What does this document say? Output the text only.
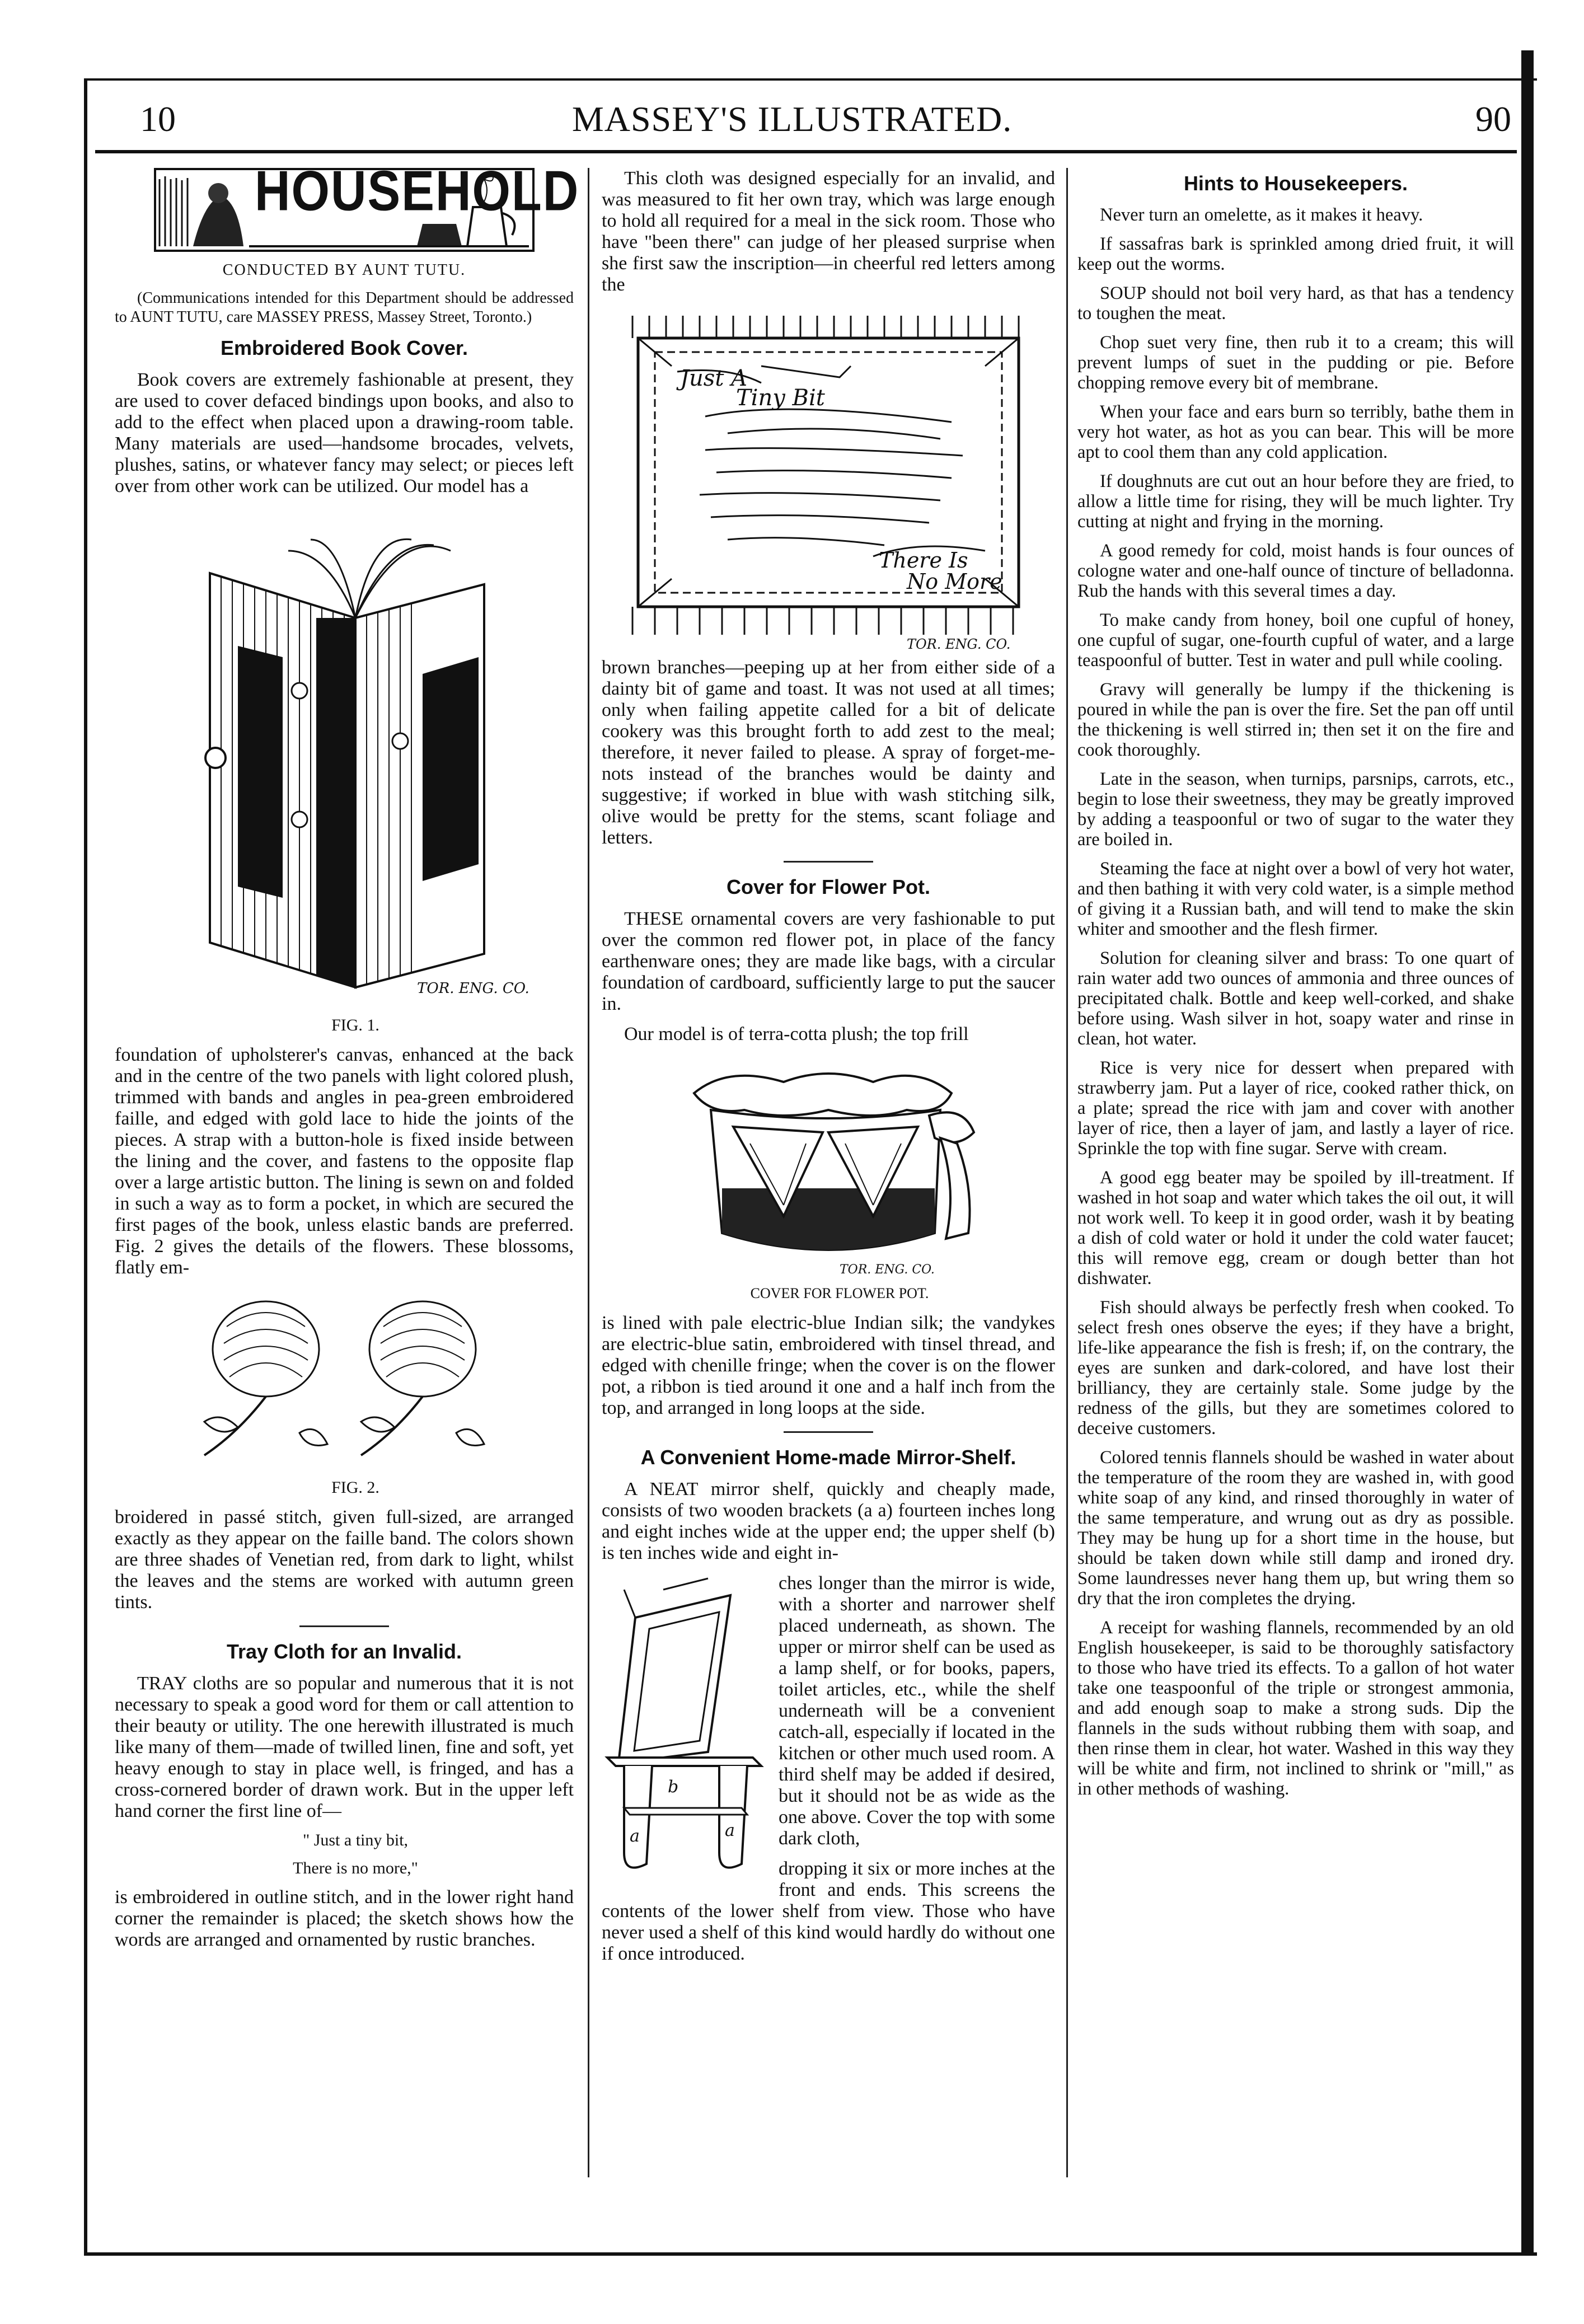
10	MASSEY'S ILLUSTRATED.	90
HOUSEHOLD

CONDUCTED BY AUNT TUTU.

(Communications intended for this Department should be addressed to AUNT TUTU, care MASSEY PRESS, Massey Street, Toronto.)

Embroidered Book Cover.

Book covers are extremely fashionable at present, they are used to cover defaced bindings upon books, and also to add to the effect when placed upon a drawing-room table. Many materials are used—handsome brocades, velvets, plushes, satins, or whatever fancy may select; or pieces left over from other work can be utilized. Our model has a

TOR. ENG. CO.

FIG. 1.

foundation of upholsterer's canvas, enhanced at the back and in the centre of the two panels with light colored plush, trimmed with bands and angles in pea-green embroidered faille, and edged with gold lace to hide the joints of the pieces. A strap with a button-hole is fixed inside between the lining and the cover, and fastens to the opposite flap over a large artistic button. The lining is sewn on and folded in such a way as to form a pocket, in which are secured the first pages of the book, unless elastic bands are preferred. Fig. 2 gives the details of the flowers. These blossoms, flatly em-

FIG. 2.

broidered in passé stitch, given full-sized, are arranged exactly as they appear on the faille band. The colors shown are three shades of Venetian red, from dark to light, whilst the leaves and the stems are worked with autumn green tints.

Tray Cloth for an Invalid.

TRAY cloths are so popular and numerous that it is not necessary to speak a good word for them or call attention to their beauty or utility. The one herewith illustrated is much like many of them—made of twilled linen, fine and soft, yet heavy enough to stay in place well, is fringed, and has a cross-cornered border of drawn work. But in the upper left hand corner the first line of—

" Just a tiny bit,

There is no more,"

is embroidered in outline stitch, and in the lower right hand corner the remainder is placed; the sketch shows how the words are arranged and ornamented by rustic branches.

This cloth was designed especially for an invalid, and was measured to fit her own tray, which was large enough to hold all required for a meal in the sick room. Those who have "been there" can judge of her pleased surprise when she first saw the inscription—in cheerful red letters among the

Just A
Tiny Bit
There Is
No More
TOR. ENG. CO.

brown branches—peeping up at her from either side of a dainty bit of game and toast. It was not used at all times; only when failing appetite called for a bit of delicate cookery was this brought forth to add zest to the meal; therefore, it never failed to please. A spray of forget-me-nots instead of the branches would be dainty and suggestive; if worked in blue with wash stitching silk, olive would be pretty for the stems, scant foliage and letters.

Cover for Flower Pot.

THESE ornamental covers are very fashionable to put over the common red flower pot, in place of the fancy earthenware ones; they are made like bags, with a circular foundation of cardboard, sufficiently large to put the saucer in.

Our model is of terra-cotta plush; the top frill

TOR. ENG. CO.

COVER FOR FLOWER POT.

is lined with pale electric-blue Indian silk; the vandykes are electric-blue satin, embroidered with tinsel thread, and edged with chenille fringe; when the cover is on the flower pot, a ribbon is tied around it one and a half inch from the top, and arranged in long loops at the side.

A Convenient Home-made Mirror-Shelf.

A NEAT mirror shelf, quickly and cheaply made, consists of two wooden brackets (a a) fourteen inches long and eight inches wide at the upper end; the upper shelf (b) is ten inches wide and eight in-

b
a	a

ches longer than the mirror is wide, with a shorter and narrower shelf placed underneath, as shown. The upper or mirror shelf can be used as a lamp shelf, or for books, papers, toilet articles, etc., while the shelf underneath will be a convenient catch-all, especially if located in the kitchen or other much used room. A third shelf may be added if desired, but it should not be as wide as the one above. Cover the top with some dark cloth,

dropping it six or more inches at the front and ends. This screens the contents of the lower shelf from view. Those who have never used a shelf of this kind would hardly do without one if once introduced.

Hints to Housekeepers.

Never turn an omelette, as it makes it heavy.

If sassafras bark is sprinkled among dried fruit, it will keep out the worms.

SOUP should not boil very hard, as that has a tendency to toughen the meat.

Chop suet very fine, then rub it to a cream; this will prevent lumps of suet in the pudding or pie. Before chopping remove every bit of membrane.

When your face and ears burn so terribly, bathe them in very hot water, as hot as you can bear. This will be more apt to cool them than any cold application.

If doughnuts are cut out an hour before they are fried, to allow a little time for rising, they will be much lighter. Try cutting at night and frying in the morning.

A good remedy for cold, moist hands is four ounces of cologne water and one-half ounce of tincture of belladonna. Rub the hands with this several times a day.

To make candy from honey, boil one cupful of honey, one cupful of sugar, one-fourth cupful of water, and a large teaspoonful of butter. Test in water and pull while cooling.

Gravy will generally be lumpy if the thickening is poured in while the pan is over the fire. Set the pan off until the thickening is well stirred in; then set it on the fire and cook thoroughly.

Late in the season, when turnips, parsnips, carrots, etc., begin to lose their sweetness, they may be greatly improved by adding a teaspoonful or two of sugar to the water they are boiled in.

Steaming the face at night over a bowl of very hot water, and then bathing it with very cold water, is a simple method of giving it a Russian bath, and will tend to make the skin whiter and smoother and the flesh firmer.

Solution for cleaning silver and brass: To one quart of rain water add two ounces of ammonia and three ounces of precipitated chalk. Bottle and keep well-corked, and shake before using. Wash silver in hot, soapy water and rinse in clean, hot water.

Rice is very nice for dessert when prepared with strawberry jam. Put a layer of rice, cooked rather thick, on a plate; spread the rice with jam and cover with another layer of rice, then a layer of jam, and lastly a layer of rice. Sprinkle the top with fine sugar. Serve with cream.

A good egg beater may be spoiled by ill-treatment. If washed in hot soap and water which takes the oil out, it will not work well. To keep it in good order, wash it by beating a dish of cold water or hold it under the cold water faucet; this will remove egg, cream or dough better than hot dishwater.

Fish should always be perfectly fresh when cooked. To select fresh ones observe the eyes; if they have a bright, life-like appearance the fish is fresh; if, on the contrary, the eyes are sunken and dark-colored, and have lost their brilliancy, they are certainly stale. Some judge by the redness of the gills, but they are sometimes colored to deceive customers.

Colored tennis flannels should be washed in water about the temperature of the room they are washed in, with good white soap of any kind, and rinsed thoroughly in water of the same temperature, and wrung out as dry as possible. They may be hung up for a short time in the house, but should be taken down while still damp and ironed dry. Some laundresses never hang them up, but wring them so dry that the iron completes the drying.

A receipt for washing flannels, recommended by an old English housekeeper, is said to be thoroughly satisfactory to those who have tried its effects. To a gallon of hot water take one teaspoonful of the triple or strongest ammonia, and add enough soap to make a strong suds. Dip the flannels in the suds without rubbing them with soap, and then rinse them in clear, hot water. Washed in this way they will be white and firm, not inclined to shrink or "mill," as in other methods of washing.
